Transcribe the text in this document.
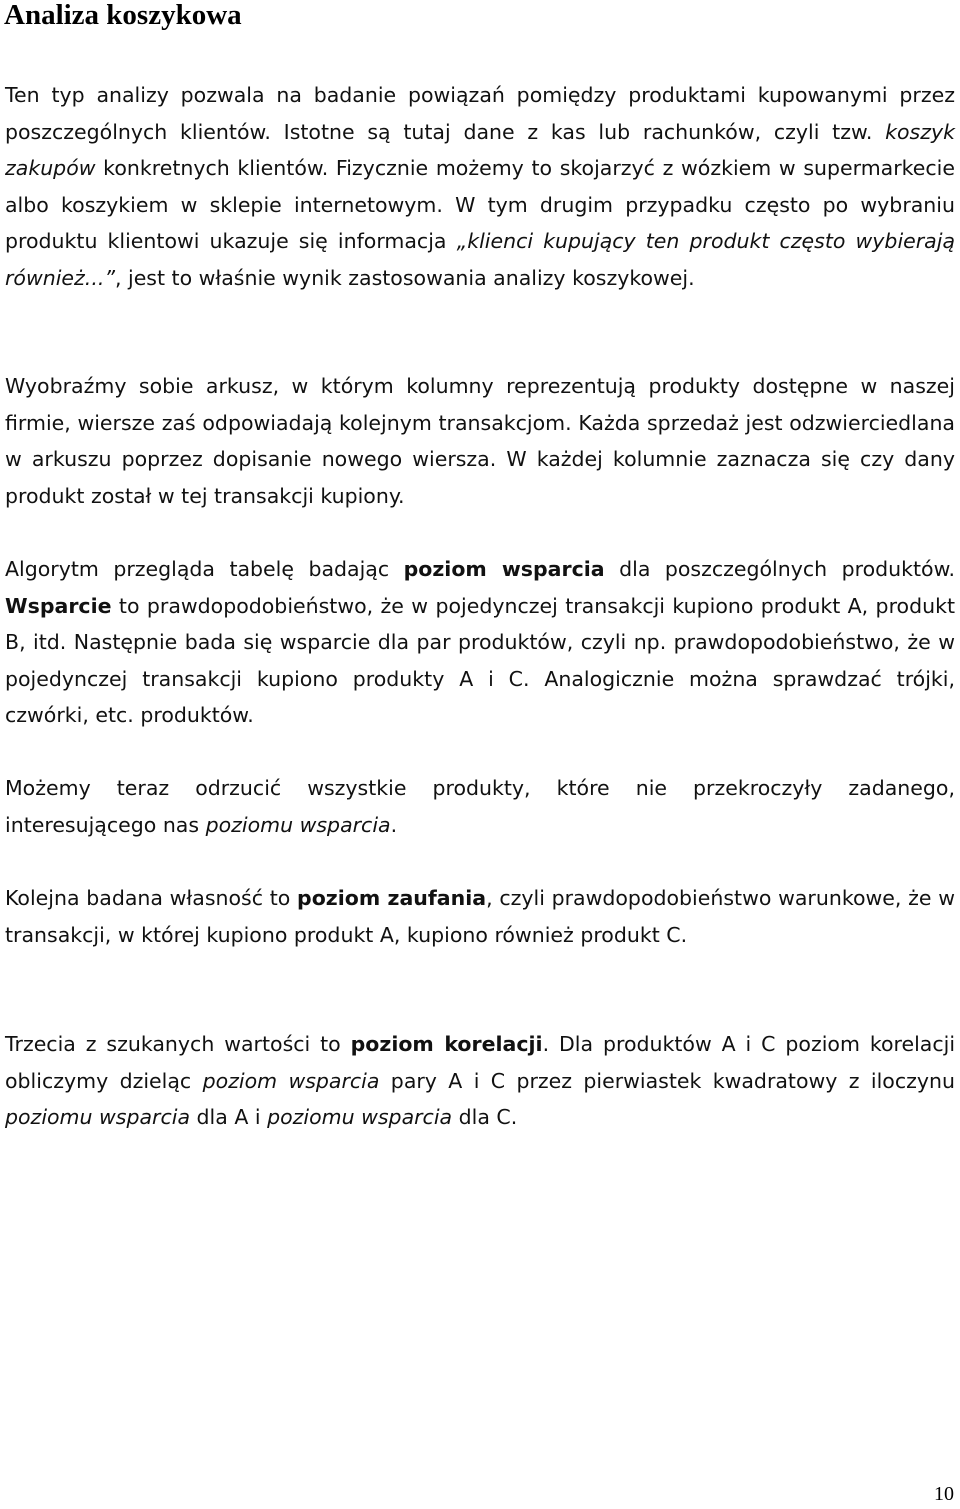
Analiza koszykowa

Ten typ analizy pozwala na badanie powiązań pomiędzy produktami kupowanymi przez poszczególnych klientów. Istotne są tutaj dane z kas lub rachunków, czyli tzw. koszyk zakupów konkretnych klientów. Fizycznie możemy to skojarzyć z wózkiem w supermarkecie albo koszykiem w sklepie internetowym. W tym drugim przypadku często po wybraniu produktu klientowi ukazuje się informacja „klienci kupujący ten produkt często wybierają również...”, jest to właśnie wynik zastosowania analizy koszykowej.

Wyobraźmy sobie arkusz, w którym kolumny reprezentują produkty dostępne w naszej firmie, wiersze zaś odpowiadają kolejnym transakcjom. Każda sprzedaż jest odzwierciedlana w arkuszu poprzez dopisanie nowego wiersza. W każdej kolumnie zaznacza się czy dany produkt został w tej transakcji kupiony.

Algorytm przegląda tabelę badając poziom wsparcia dla poszczególnych produktów. Wsparcie to prawdopodobieństwo, że w pojedynczej transakcji kupiono produkt A, produkt B, itd. Następnie bada się wsparcie dla par produktów, czyli np. prawdopodobieństwo, że w pojedynczej transakcji kupiono produkty A i C. Analogicznie można sprawdzać trójki, czwórki, etc. produktów.

Możemy teraz odrzucić wszystkie produkty, które nie przekroczyły zadanego, interesującego nas poziomu wsparcia.

Kolejna badana własność to poziom zaufania, czyli prawdopodobieństwo warunkowe, że w transakcji, w której kupiono produkt A, kupiono również produkt C.

Trzecia z szukanych wartości to poziom korelacji. Dla produktów A i C poziom korelacji obliczymy dzieląc poziom wsparcia pary A i C przez pierwiastek kwadratowy z iloczynu poziomu wsparcia dla A i poziomu wsparcia dla C.

10
